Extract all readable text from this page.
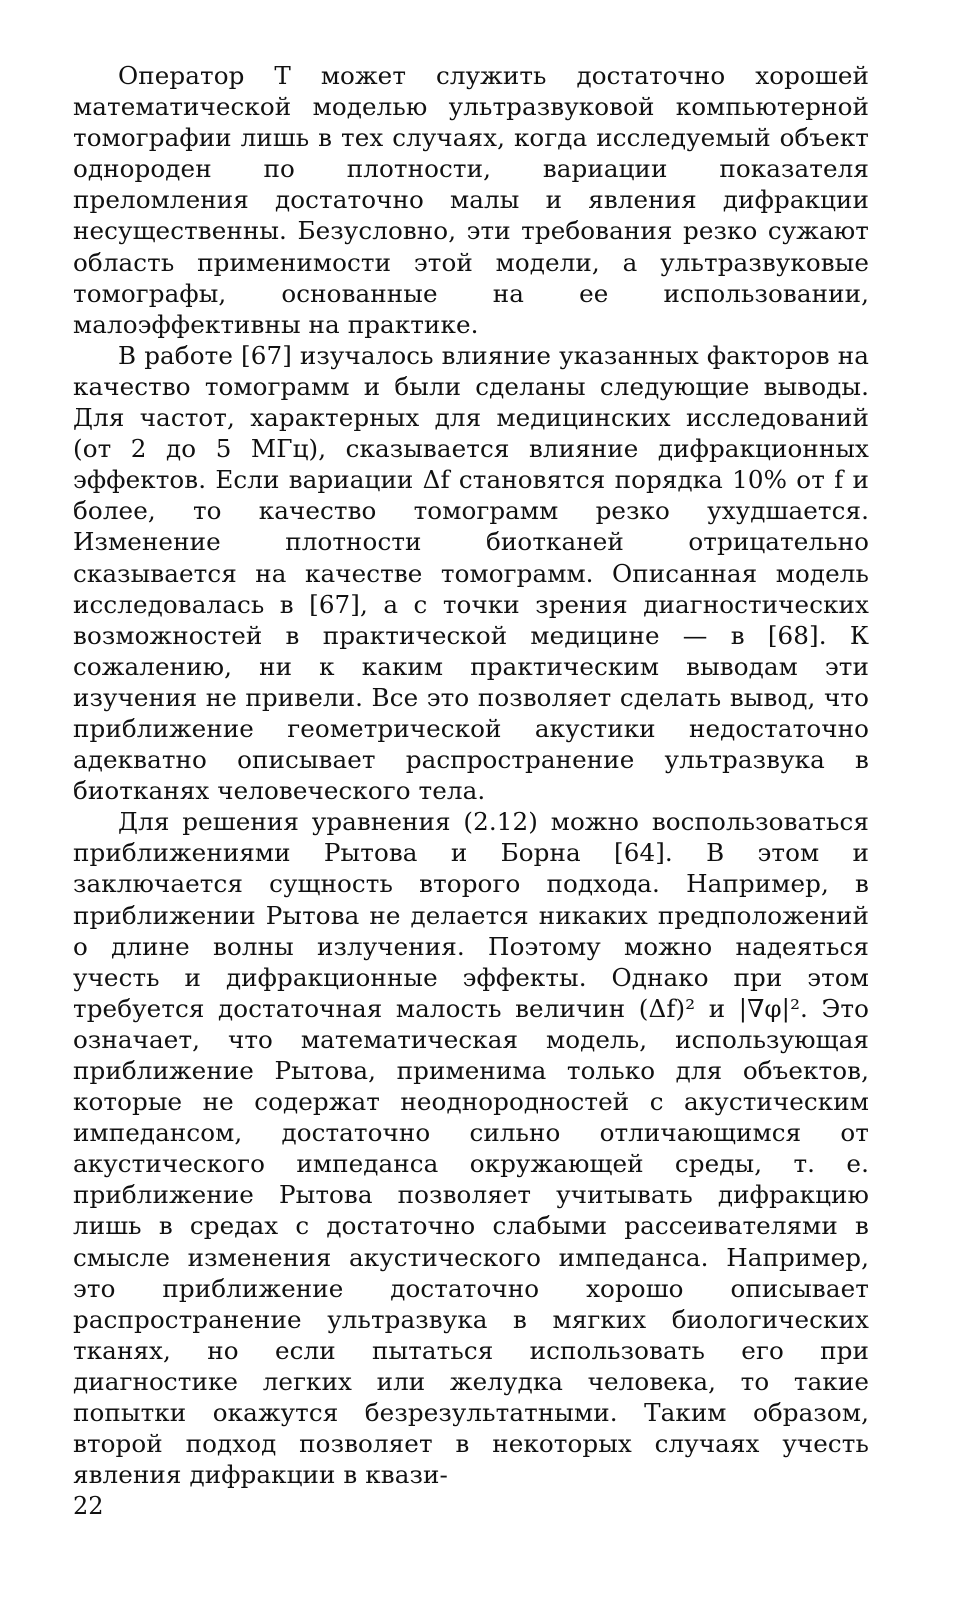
Оператор T может служить достаточно хорошей математической моделью ультразвуковой компьютерной томографии лишь в тех случаях, когда исследуемый объект однороден по плотности, вариации показателя преломления достаточно малы и явления дифракции несущественны. Безусловно, эти требования резко сужают область применимости этой модели, а ультразвуковые томографы, основанные на ее использовании, малоэффективны на практике.

В работе [67] изучалось влияние указанных факторов на качество томограмм и были сделаны следующие выводы. Для частот, характерных для медицинских исследований (от 2 до 5 МГц), сказывается влияние дифракционных эффектов. Если вариации Δf становятся порядка 10% от f и более, то качество томограмм резко ухудшается. Изменение плотности биотканей отрицательно сказывается на качестве томограмм. Описанная модель исследовалась в [67], а с точки зрения диагностических возможностей в практической медицине — в [68]. К сожалению, ни к каким практическим выводам эти изучения не привели. Все это позволяет сделать вывод, что приближение геометрической акустики недостаточно адекватно описывает распространение ультразвука в биотканях человеческого тела.

Для решения уравнения (2.12) можно воспользоваться приближениями Рытова и Борна [64]. В этом и заключается сущность второго подхода. Например, в приближении Рытова не делается никаких предположений о длине волны излучения. Поэтому можно надеяться учесть и дифракционные эффекты. Однако при этом требуется достаточная малость величин (Δf)² и |∇φ|². Это означает, что математическая модель, использующая приближение Рытова, применима только для объектов, которые не содержат неоднородностей с акустическим импедансом, достаточно сильно отличающимся от акустического импеданса окружающей среды, т. е. приближение Рытова позволяет учитывать дифракцию лишь в средах с достаточно слабыми рассеивателями в смысле изменения акустического импеданса. Например, это приближение достаточно хорошо описывает распространение ультразвука в мягких биологических тканях, но если пытаться использовать его при диагностике легких или желудка человека, то такие попытки окажутся безрезультатными. Таким образом, второй подход позволяет в некоторых случаях учесть явления дифракции в квази-

22
